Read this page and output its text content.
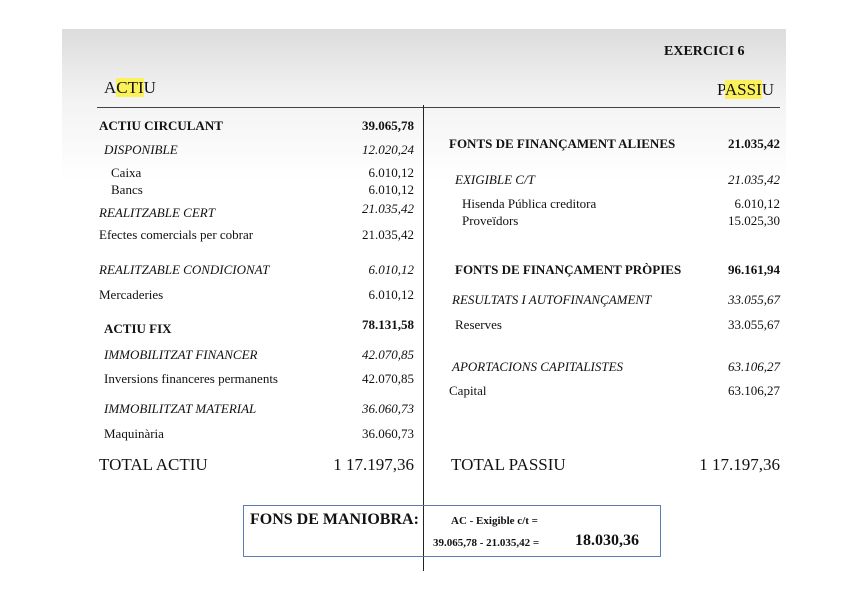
EXERCICI 6
ACTIU	PASSIU
ACTIU CIRCULANT	39.065,78
DISPONIBLE	12.020,24
Caixa	6.010,12
Bancs	6.010,12
REALITZABLE CERT	21.035,42
Efectes comercials per cobrar	21.035,42
REALITZABLE CONDICIONAT	6.010,12
Mercaderies	6.010,12
ACTIU FIX	78.131,58
IMMOBILITZAT FINANCER	42.070,85
Inversions financeres permanents	42.070,85
IMMOBILITZAT MATERIAL	36.060,73
Maquinària	36.060,73
TOTAL ACTIU	1 17.197,36
FONTS DE FINANÇAMENT ALIENES	21.035,42
EXIGIBLE C/T	21.035,42
Hisenda Pública creditora	6.010,12
Proveïdors	15.025,30
FONTS DE FINANÇAMENT PRÒPIES	96.161,94
RESULTATS I AUTOFINANÇAMENT	33.055,67
Reserves	33.055,67
APORTACIONS CAPITALISTES	63.106,27
Capital	63.106,27
TOTAL PASSIU	1 17.197,36
FONS DE MANIOBRA:	AC - Exigible c/t =
39.065,78 - 21.035,42 = 18.030,36
